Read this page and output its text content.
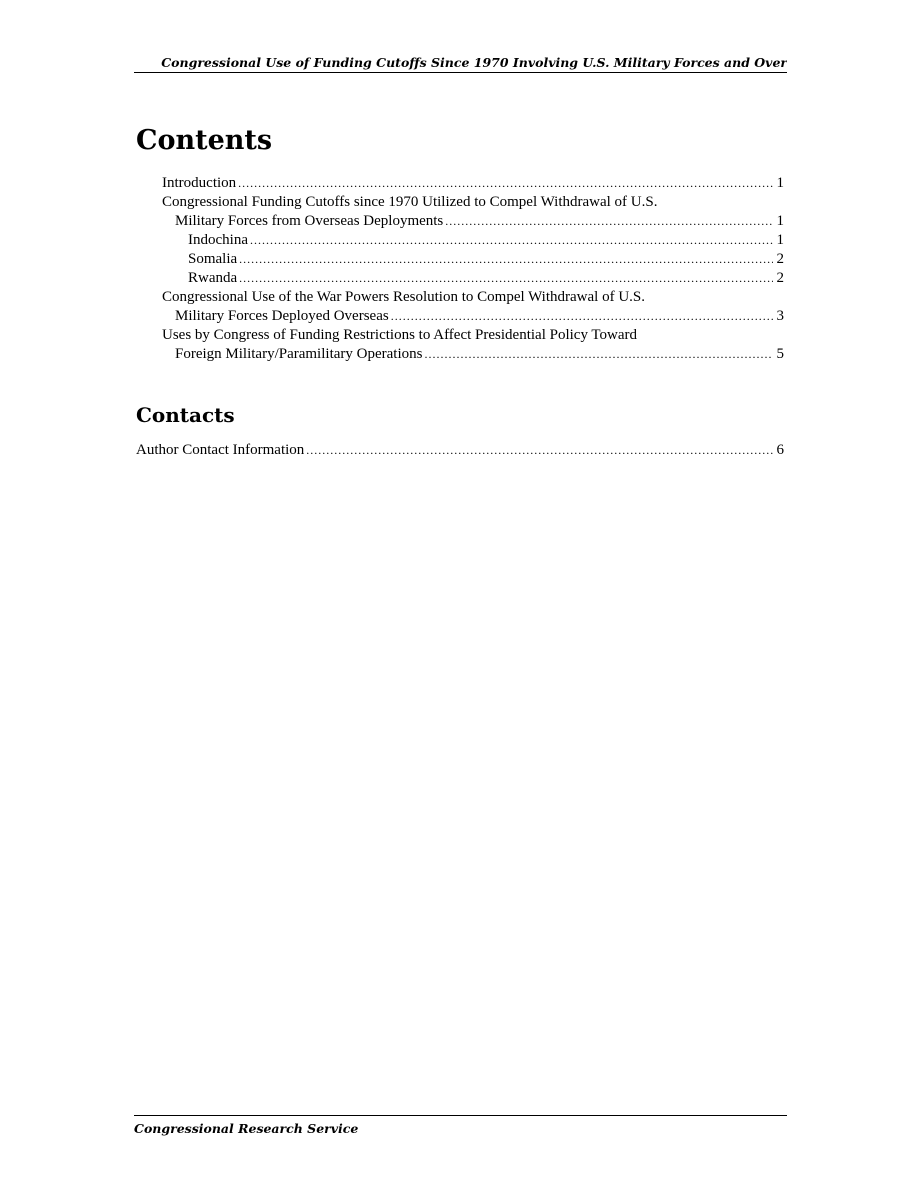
Congressional Use of Funding Cutoffs Since 1970 Involving U.S. Military Forces and Over
Contents
Introduction .....	1
Congressional Funding Cutoffs since 1970 Utilized to Compel Withdrawal of U.S.
Military Forces from Overseas Deployments .....	1
Indochina .....	1
Somalia .....	2
Rwanda .....	2
Congressional Use of the War Powers Resolution to Compel Withdrawal of U.S.
Military Forces Deployed Overseas .....	3
Uses by Congress of Funding Restrictions to Affect Presidential Policy Toward
Foreign Military/Paramilitary Operations .....	5
Contacts
Author Contact Information .....	6
Congressional Research Service
